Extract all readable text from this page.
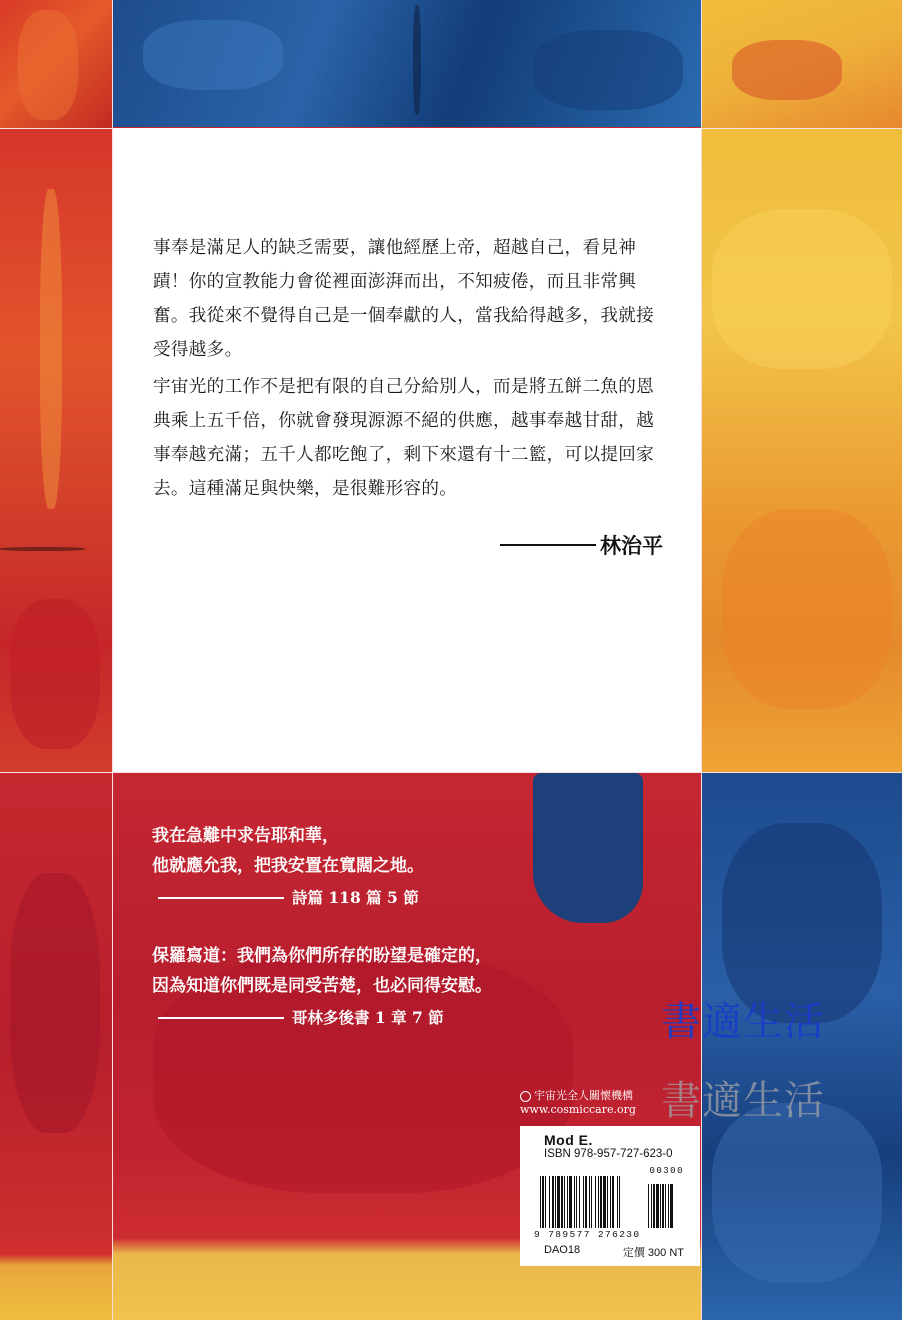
事奉是滿足人的缺乏需要，讓他經歷上帝，超越自己，看見神蹟！你的宣教能力會從裡面澎湃而出，不知疲倦，而且非常興奮。我從來不覺得自己是一個奉獻的人，當我給得越多，我就接受得越多。

宇宙光的工作不是把有限的自己分給別人，而是將五餅二魚的恩典乘上五千倍，你就會發現源源不絕的供應，越事奉越甘甜，越事奉越充滿；五千人都吃飽了，剩下來還有十二籃，可以提回家去。這種滿足與快樂，是很難形容的。

林治平

我在急難中求告耶和華，

他就應允我，把我安置在寬闊之地。

詩篇 118 篇 5 節

保羅寫道：我們為你們所存的盼望是確定的，

因為知道你們既是同受苦楚，也必同得安慰。

哥林多後書 1 章 7 節	書適生活
書適生活
宇宙光全人關懷機構
www.cosmiccare.org
Mod E.
ISBN 978-957-727-623-0
00300
9 789577 276230
DAO18	定價 300 NT
